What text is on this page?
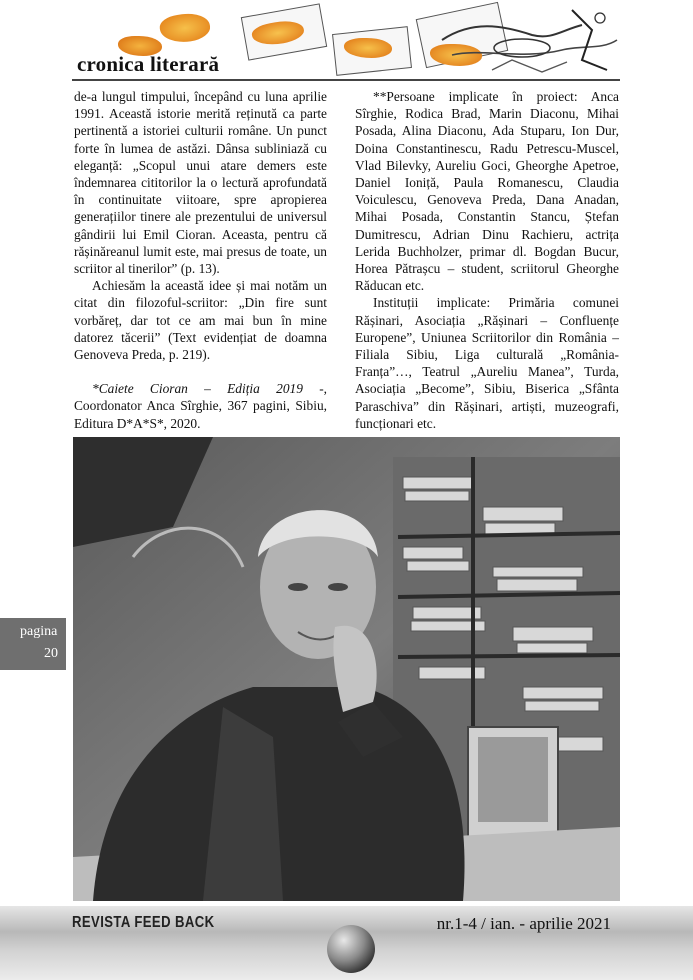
cronica literară

de-a lungul timpului, începând cu luna aprilie 1991. Această istorie merită reținută ca parte pertinentă a istoriei culturii române. Un punct forte în lumea de astăzi. Dânsa subliniază cu eleganță: „Scopul unui atare demers este îndemnarea cititorilor la o lectură aprofundată în continuitate viitoare, spre apropierea generațiilor tinere ale prezentului de universul gândirii lui Emil Cioran. Aceasta, pentru că rășinăreanul lumit este, mai presus de toate, un scriitor al tinerilor” (p. 13).

Achiesăm la această idee și mai notăm un citat din filozoful-scriitor: „Din fire sunt vorbăreț, dar tot ce am mai bun în mine datorez tăcerii” (Text evidențiat de doamna Genoveva Preda, p. 219).

*Caiete Cioran – Ediția 2019 -, Coordonator Anca Sîrghie, 367 pagini, Sibiu, Editura D*A*S*, 2020.

**Persoane implicate în proiect: Anca Sîrghie, Rodica Brad, Marin Diaconu, Mihai Posada, Alina Diaconu, Ada Stuparu, Ion Dur, Doina Constantinescu, Radu Petrescu-Muscel, Vlad Bilevky, Aureliu Goci, Gheorghe Apetroe, Daniel Ioniță, Paula Romanescu, Claudia Voiculescu, Genoveva Preda, Dana Anadan, Mihai Posada, Constantin Stancu, Ștefan Dumitrescu, Adrian Dinu Rachieru, actrița Lerida Buchholzer, primar dl. Bogdan Bucur, Horea Pătrașcu – student, scriitorul Gheorghe Răducan etc.

Instituții implicate: Primăria comunei Rășinari, Asociația „Rășinari – Confluențe Europene”, Uniunea Scriitorilor din România – Filiala Sibiu, Liga culturală „România-Franța”…, Teatrul „Aureliu Manea”, Turda, Asociația „Become”, Sibiu, Biserica „Sfânta Paraschiva” din Rășinari, artiști, muzeografi, funcționari etc.

pagina
20
REVISTA FEED BACK	nr.1-4 / ian. - aprilie 2021
